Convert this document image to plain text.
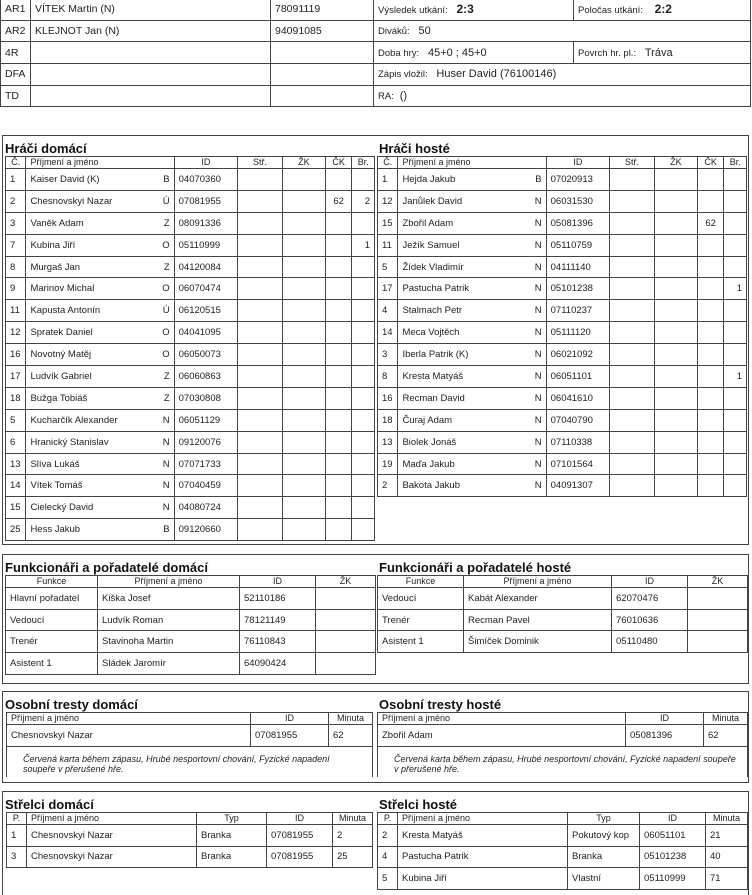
AR1	VÍTEK Martin (N)	78091119
AR2	KLEJNOT Jan (N)	94091085
4R		
DFA		
TD		
Výsledek utkání: 2:3	Poločas utkání: 2:2
Diváků: 50	
Doba hry: 45+0 ; 45+0	Povrch hr. pl.: Tráva
Zápis vložil: Huser David (76100146)	
RA: ()	
Hráči domácí
Č.	Příjmení a jméno	ID	Stř.	ŽK	ČK	Br.
1	Kaiser David (K) B	04070360				
2	Chesnovskyi Nazar Ú	07081955			62	2
3	Vaněk Adam Z	08091336				
7	Kubina Jiří O	05110999				1
8	Murgaš Jan Z	04120084				
9	Marinov Michal O	06070474				
11	Kapusta Antonín Ú	06120515				
12	Spratek Daniel O	04041095				
16	Novotný Matěj O	06050073				
17	Ludvík Gabriel Z	06060863				
18	Bužga Tobiáš Z	07030808				
5	Kucharčík Alexander N	06051129				
6	Hranický Stanislav N	09120076				
13	Slíva Lukáš N	07071733				
14	Vítek Tomáš N	07040459				
15	Cielecký David N	04080724				
25	Hess Jakub B	09120660				
Hráči hosté
Č.	Příjmení a jméno	ID	Stř.	ŽK	ČK	Br.
1	Hejda Jakub B	07020913				
12	Janůlek David N	06031530				
15	Zbořil Adam N	05081396			62	
11	Ježík Samuel N	05110759				
5	Žídek Vladimír N	04111140				
17	Pastucha Patrik N	05101238				1
4	Stalmach Petr N	07110237				
14	Meca Vojtěch N	05111120				
3	Iberla Patrik (K) N	06021092				
8	Kresta Matyáš N	06051101				1
16	Recman David N	06041610				
18	Čuraj Adam N	07040790				
13	Biolek Jonáš N	07110338				
19	Maďa Jakub N	07101564				
2	Bakota Jakub N	04091307				
Funkcionáři a pořadatelé domácí
Funkce	Příjmení a jméno	ID	ŽK
Hlavní pořadatel	Kiška Josef	52110186	
Vedoucí	Ludvík Roman	78121149	
Trenér	Stavinoha Martin	76110843	
Asistent 1	Sládek Jaromír	64090424	
Funkcionáři a pořadatelé hosté
Funkce	Příjmení a jméno	ID	ŽK
Vedoucí	Kabát Alexander	62070476	
Trenér	Recman Pavel	76010636	
Asistent 1	Šimíček Dominik	05110480	
Osobní tresty domácí
Příjmení a jméno	ID	Minuta
Chesnovskyi Nazar	07081955	62

Červená karta během zápasu, Hrubé nesportovní chování, Fyzické napadení soupeře v přerušené hře.		
Osobní tresty hosté
Příjmení a jméno	ID	Minuta
Zbořil Adam	05081396	62

Červená karta během zápasu, Hrubé nesportovní chování, Fyzické napadení soupeře v přerušené hře.		
Střelci domácí
P.	Příjmení a jméno	Typ	ID	Minuta
1	Chesnovskyi Nazar	Branka	07081955	2
3	Chesnovskyi Nazar	Branka	07081955	25
Střelci hosté
P.	Příjmení a jméno	Typ	ID	Minuta
2	Kresta Matyáš	Pokutový kop	06051101	21
4	Pastucha Patrik	Branka	05101238	40
5	Kubina Jiří	Vlastní	05110999	71
